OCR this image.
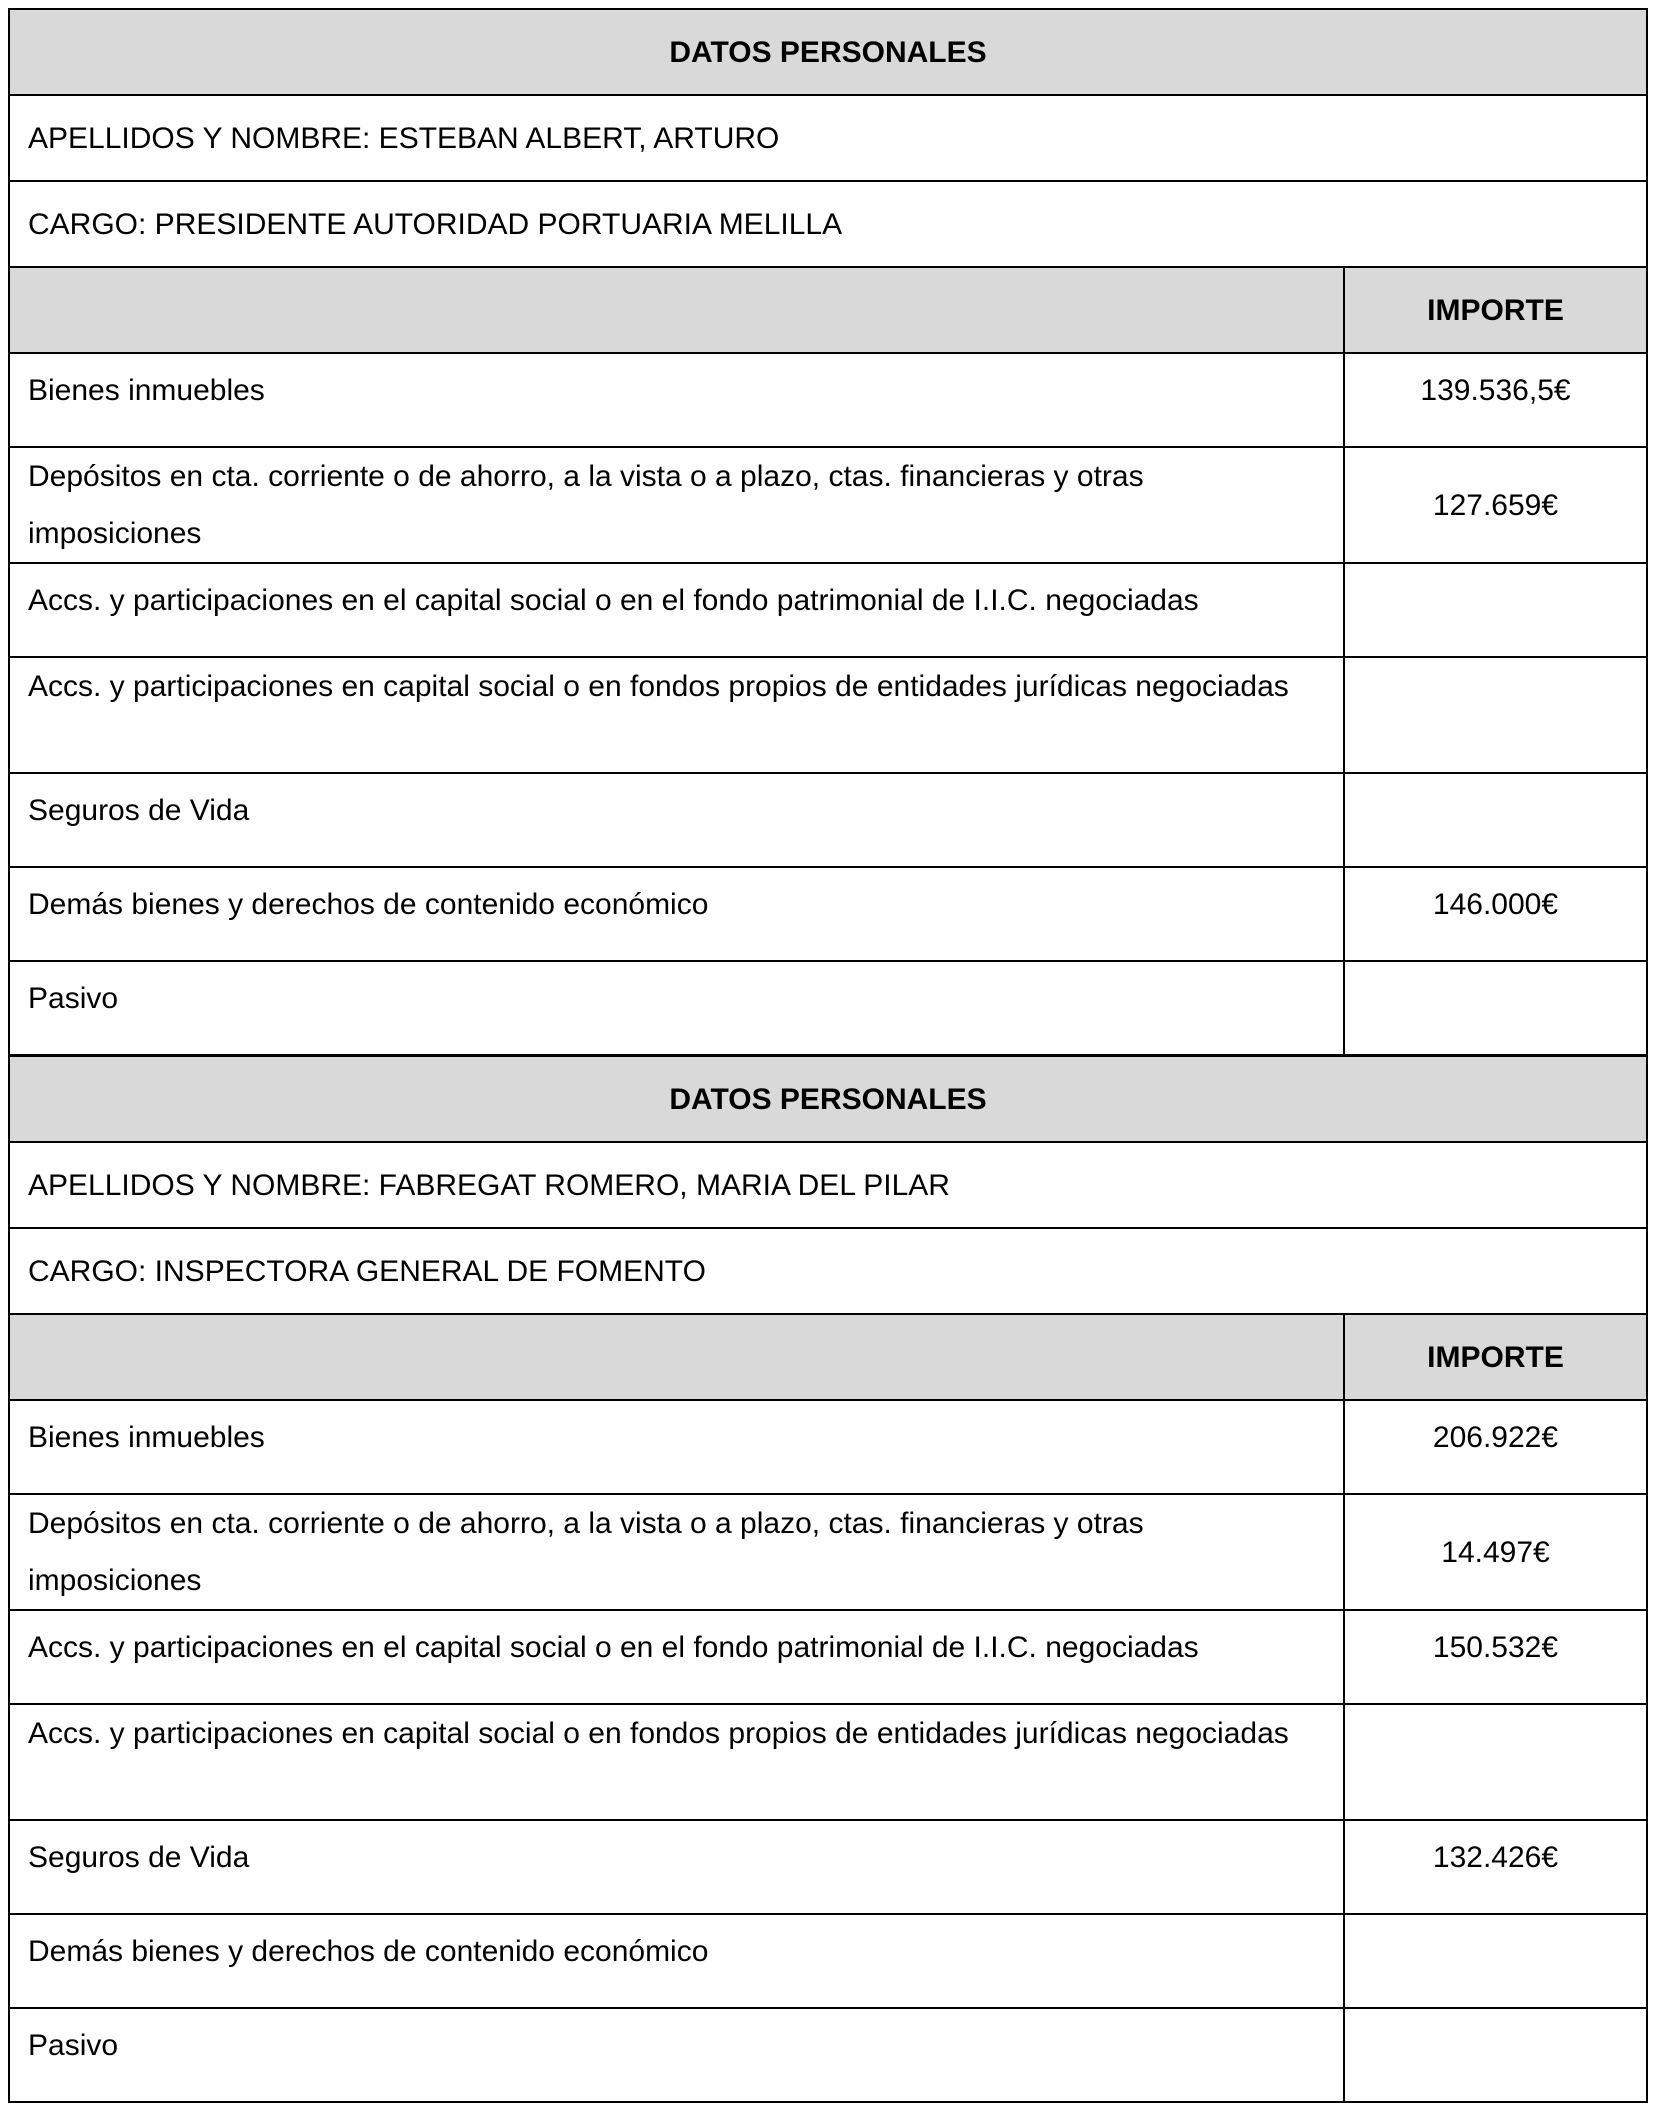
DATOS PERSONALES	
APELLIDOS Y NOMBRE: ESTEBAN ALBERT, ARTURO	
CARGO: PRESIDENTE AUTORIDAD PORTUARIA MELILLA	
	IMPORTE
Bienes inmuebles	139.536,5€
Depósitos en cta. corriente o de ahorro, a la vista o a plazo, ctas. financieras y otras imposiciones	127.659€
Accs. y participaciones en el capital social o en el fondo patrimonial de I.I.C. negociadas	
Accs. y participaciones en capital social o en fondos propios de entidades jurídicas negociadas	
Seguros de Vida	
Demás bienes y derechos de contenido económico	146.000€
Pasivo	
DATOS PERSONALES	
APELLIDOS Y NOMBRE: FABREGAT ROMERO, MARIA DEL PILAR	
CARGO: INSPECTORA GENERAL DE FOMENTO	
	IMPORTE
Bienes inmuebles	206.922€
Depósitos en cta. corriente o de ahorro, a la vista o a plazo, ctas. financieras y otras imposiciones	14.497€
Accs. y participaciones en el capital social o en el fondo patrimonial de I.I.C. negociadas	150.532€
Accs. y participaciones en capital social o en fondos propios de entidades jurídicas negociadas	
Seguros de Vida	132.426€
Demás bienes y derechos de contenido económico	
Pasivo	
